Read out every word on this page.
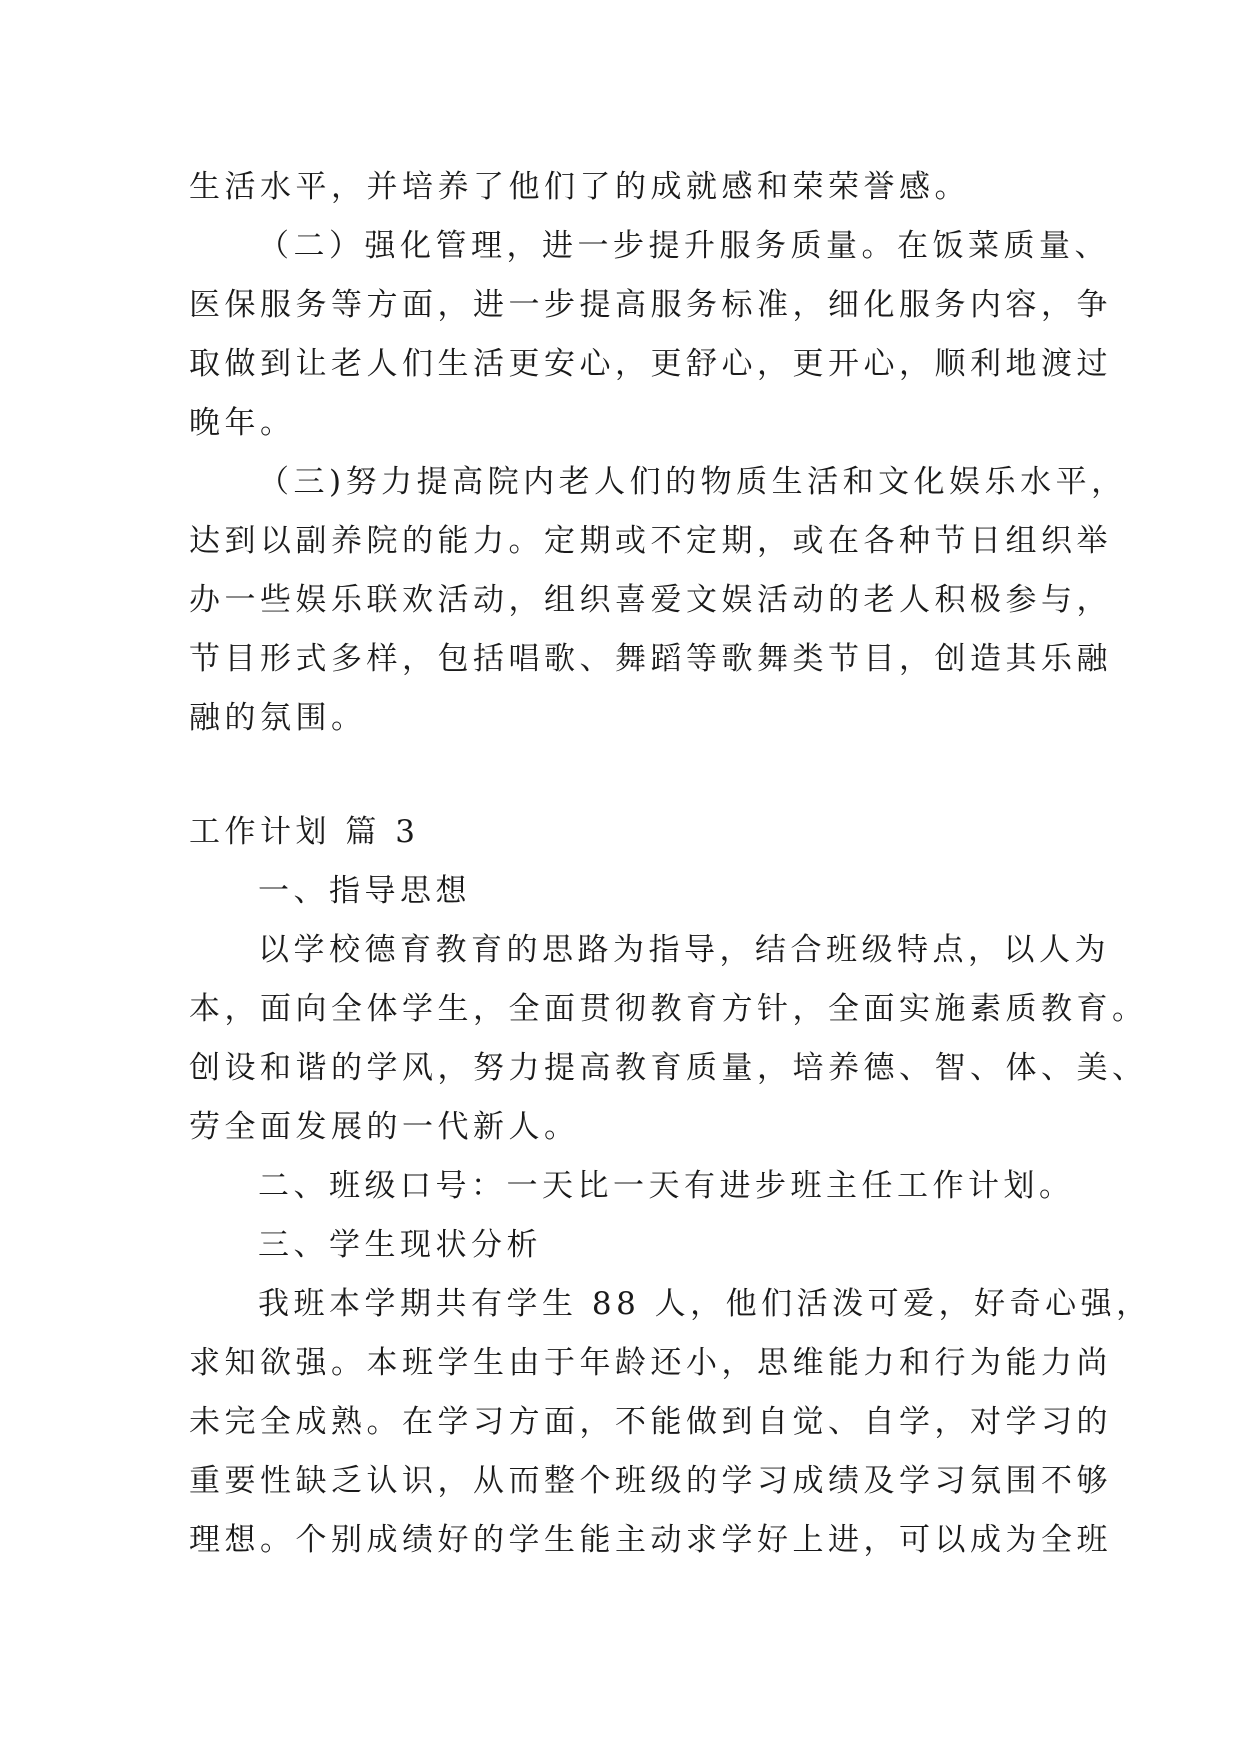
生活水平，并培养了他们了的成就感和荣荣誉感。
（二）强化管理，进一步提升服务质量。在饭菜质量、
医保服务等方面，进一步提高服务标准，细化服务内容，争
取做到让老人们生活更安心，更舒心，更开心，顺利地渡过
晚年。
（三)努力提高院内老人们的物质生活和文化娱乐水平，
达到以副养院的能力。定期或不定期，或在各种节日组织举
办一些娱乐联欢活动，组织喜爱文娱活动的老人积极参与，
节目形式多样，包括唱歌、舞蹈等歌舞类节目，创造其乐融
融的氛围。
工作计划 篇 3
一、指导思想
以学校德育教育的思路为指导，结合班级特点，以人为
本，面向全体学生，全面贯彻教育方针，全面实施素质教育。
创设和谐的学风，努力提高教育质量，培养德、智、体、美、
劳全面发展的一代新人。
二、班级口号：一天比一天有进步班主任工作计划。
三、学生现状分析
我班本学期共有学生 88 人，他们活泼可爱，好奇心强，
求知欲强。本班学生由于年龄还小，思维能力和行为能力尚
未完全成熟。在学习方面，不能做到自觉、自学，对学习的
重要性缺乏认识，从而整个班级的学习成绩及学习氛围不够
理想。个别成绩好的学生能主动求学好上进，可以成为全班
